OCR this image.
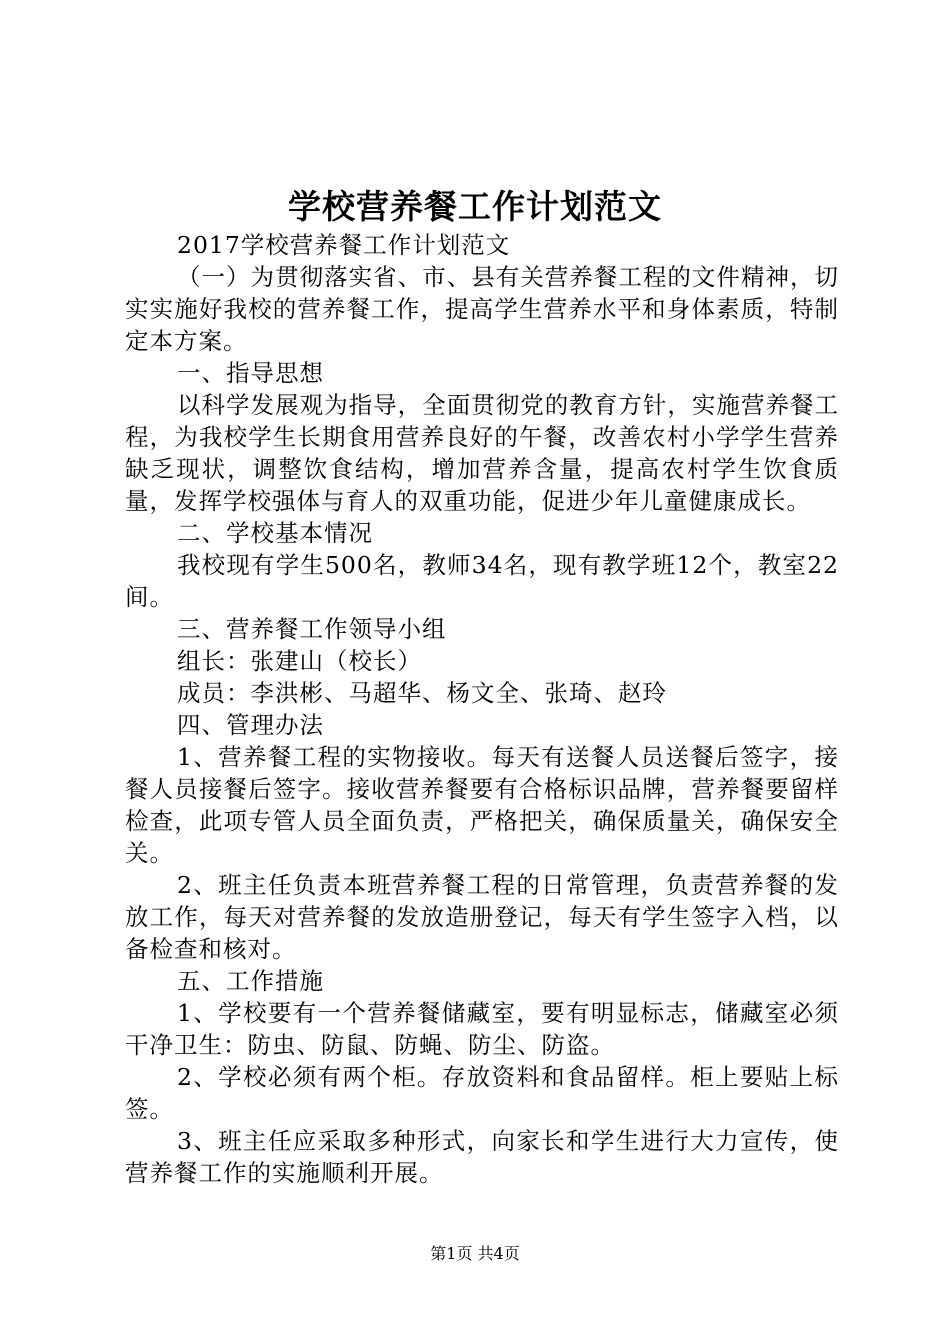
学校营养餐工作计划范文

2017学校营养餐工作计划范文

（一）为贯彻落实省、市、县有关营养餐工程的文件精神，切实实施好我校的营养餐工作，提高学生营养水平和身体素质，特制定本方案。

一、指导思想

以科学发展观为指导，全面贯彻党的教育方针，实施营养餐工程，为我校学生长期食用营养良好的午餐，改善农村小学学生营养缺乏现状，调整饮食结构，增加营养含量，提高农村学生饮食质量，发挥学校强体与育人的双重功能，促进少年儿童健康成长。

二、学校基本情况

我校现有学生500名，教师34名，现有教学班12个，教室22间。

三、营养餐工作领导小组

组长：张建山（校长）

成员：李洪彬、马超华、杨文全、张琦、赵玲

四、管理办法

1、营养餐工程的实物接收。每天有送餐人员送餐后签字，接餐人员接餐后签字。接收营养餐要有合格标识品牌，营养餐要留样检查，此项专管人员全面负责，严格把关，确保质量关，确保安全关。

2、班主任负责本班营养餐工程的日常管理，负责营养餐的发放工作，每天对营养餐的发放造册登记，每天有学生签字入档，以备检查和核对。

五、工作措施

1、学校要有一个营养餐储藏室，要有明显标志，储藏室必须干净卫生：防虫、防鼠、防蝇、防尘、防盗。

2、学校必须有两个柜。存放资料和食品留样。柜上要贴上标签。

3、班主任应采取多种形式，向家长和学生进行大力宣传，使营养餐工作的实施顺利开展。

第1页 共4页
